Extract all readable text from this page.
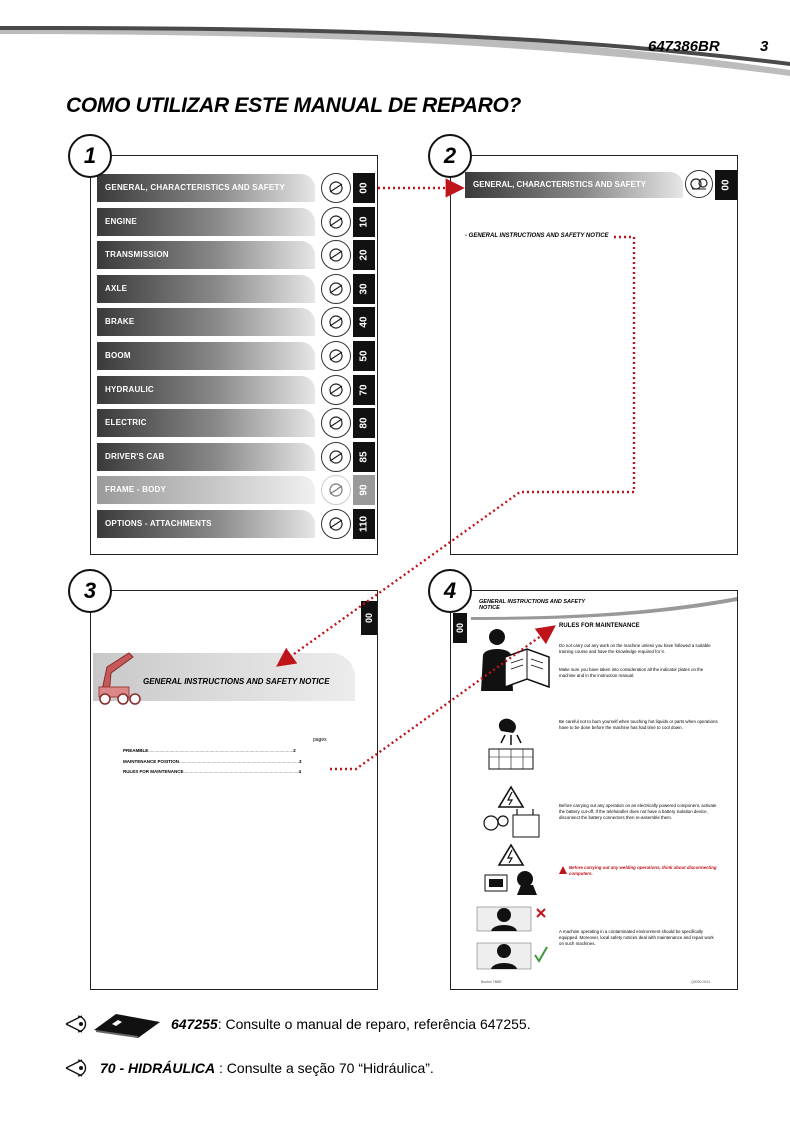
647386BR	3
COMO UTILIZAR ESTE MANUAL DE REPARO?
1
GENERAL, CHARACTERISTICS AND SAFETY	00
ENGINE	10
TRANSMISSION	20
AXLE	30
BRAKE	40
BOOM	50
HYDRAULIC	70
ELECTRIC	80
DRIVER'S CAB	85
FRAME - BODY	90
OPTIONS - ATTACHMENTS	110
2
GENERAL, CHARACTERISTICS AND SAFETY	00
- GENERAL INSTRUCTIONS AND SAFETY NOTICE
3
00
GENERAL INSTRUCTIONS AND SAFETY NOTICE
pages
PREAMBLE....................................................................................................................2
MAINTENANCE POSITION................................................................................................3
RULES FOR MAINTENANCE............................................................................................4
4	GENERAL INSTRUCTIONS AND SAFETY NOTICE
00	RULES FOR MAINTENANCE
Do not carry out any work on the machine unless you have followed a suitable training course and have the knowledge required for it.
Make sure you have taken into consideration all the indicator plates on the machine and in the instruction manual.
Be careful not to burn yourself when touching hot liquids or parts when operations have to be done before the machine has had time to cool down.
Before carrying out any operation on an electrically powered component, activate the battery cut-off. If the telehandler does not have a battery isolation device, disconnect the battery connecters then re-assemble them.
Before carrying out any welding operations, think about disconnecting computers.
A machine operating in a contaminated environment should be specifically equipped. Moreover, local safety notices deal with maintenance and repair work on such machines.
Bookin TBBE	Q0000-0011
647255: Consulte o manual de reparo, referência 647255.
70 - HIDRÁULICA : Consulte a seção 70 “Hidráulica”.
